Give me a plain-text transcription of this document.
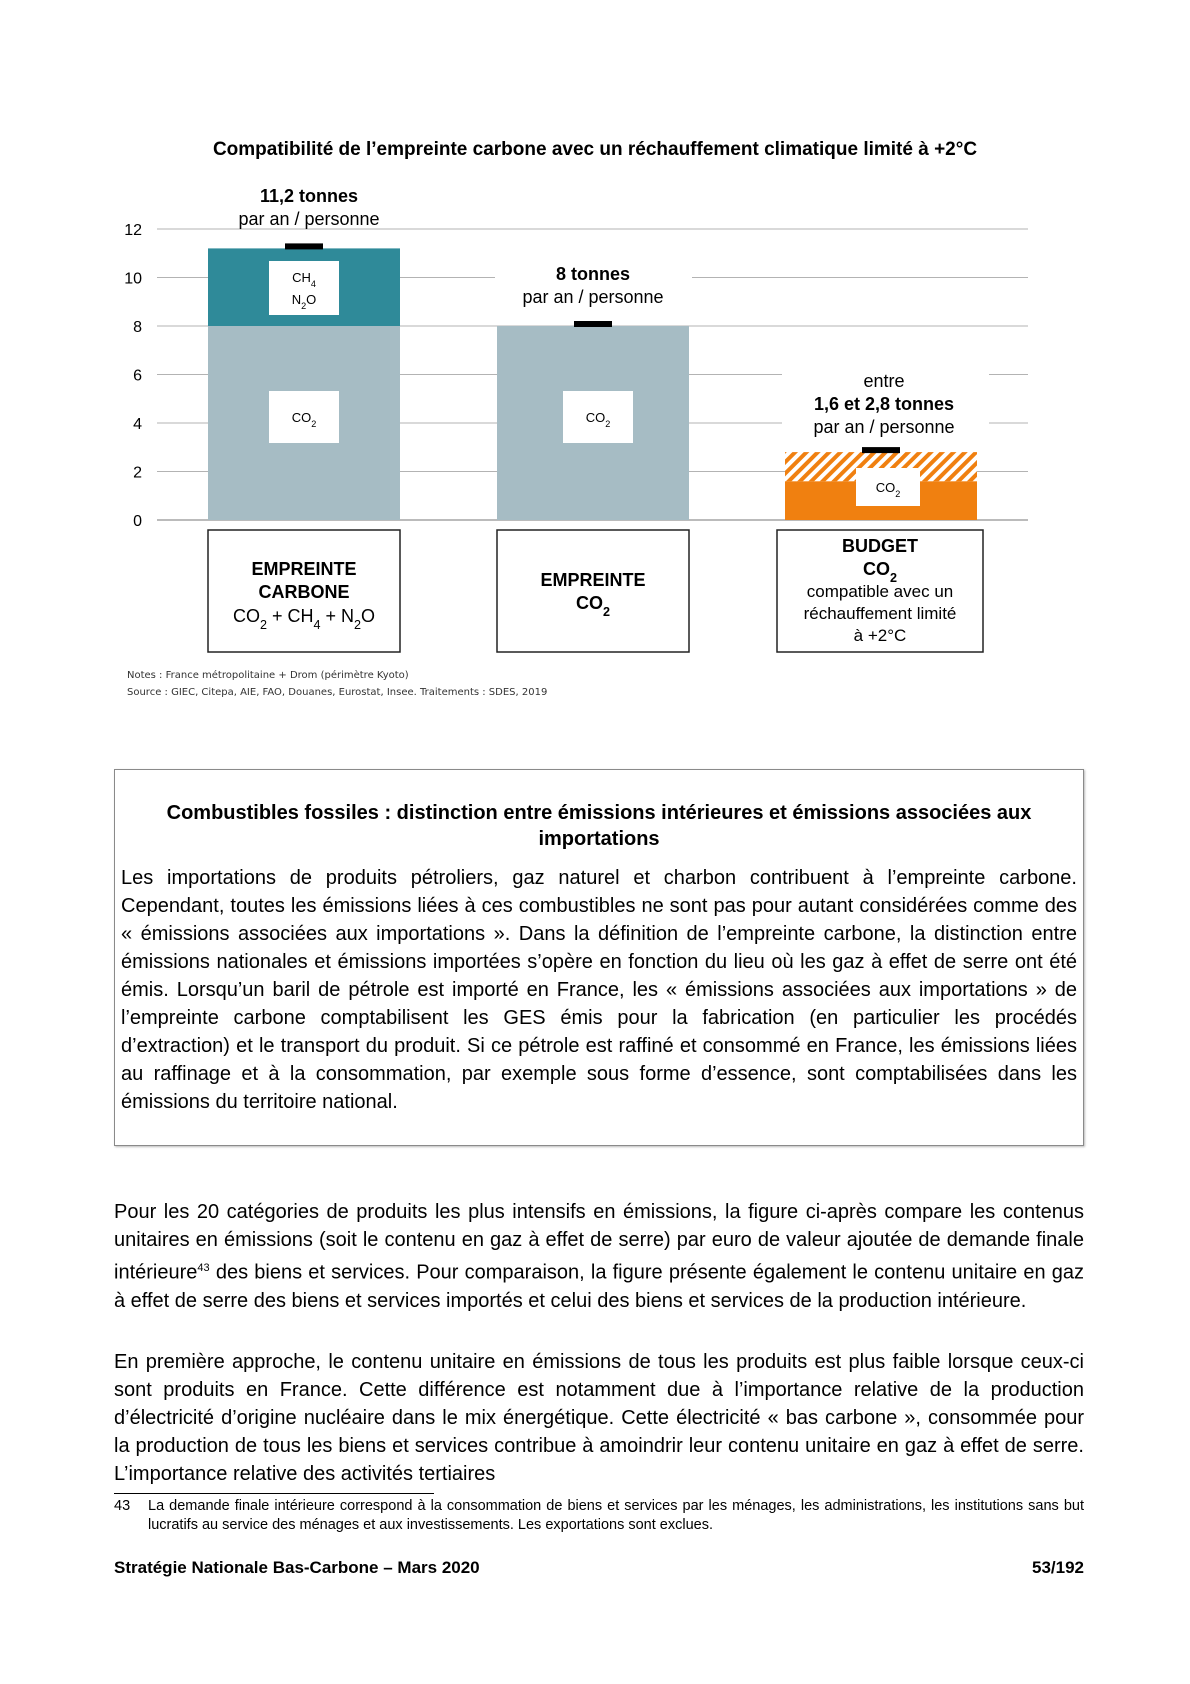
Compatibilité de l’empreinte carbone avec un réchauffement climatique limité à +2°C
0
2
4
6
8
10
12
$CH_4$
$N_2O$
$CO_2$	$CO_2$
$CO_2$
11,2 tonnes
par an / personne
8 tonnes
par an / personne
entre
1,6 et 2,8 tonnes
par an / personne
EMPREINTE
CARBONE
$CO_2 + CH_4 + N_2O$
EMPREINTE
$CO_2$
BUDGET
$CO_2$
compatible avec un
réchauffement limité
à +2°C
Notes : France métropolitaine + Drom (périmètre Kyoto)
Source : GIEC, Citepa, AIE, FAO, Douanes, Eurostat, Insee. Traitements : SDES, 2019
Combustibles fossiles : distinction entre émissions intérieures et émissions associées aux importations
Les importations de produits pétroliers, gaz naturel et charbon contribuent à l’empreinte carbone. Cependant, toutes les émissions liées à ces combustibles ne sont pas pour autant considérées comme des « émissions associées aux importations ». Dans la définition de l’empreinte carbone, la distinction entre émissions nationales et émissions importées s’opère en fonction du lieu où les gaz à effet de serre ont été émis. Lorsqu’un baril de pétrole est importé en France, les « émissions associées aux importations » de l’empreinte carbone comptabilisent les GES émis pour la fabrication (en particulier les procédés d’extraction) et le transport du produit. Si ce pétrole est raffiné et consommé en France, les émissions liées au raffinage et à la consommation, par exemple sous forme d’essence, sont comptabilisées dans les émissions du territoire national.
Pour les 20 catégories de produits les plus intensifs en émissions, la figure ci-après compare les contenus unitaires en émissions (soit le contenu en gaz à effet de serre) par euro de valeur ajoutée de demande finale intérieure$^{43}$ des biens et services. Pour comparaison, la figure présente également le contenu unitaire en gaz à effet de serre des biens et services importés et celui des biens et services de la production intérieure.
En première approche, le contenu unitaire en émissions de tous les produits est plus faible lorsque ceux-ci sont produits en France. Cette différence est notamment due à l’importance relative de la production d’électricité d’origine nucléaire dans le mix énergétique. Cette électricité « bas carbone », consommée pour la production de tous les biens et services contribue à amoindrir leur contenu unitaire en gaz à effet de serre. L’importance relative des activités tertiaires
43 La demande finale intérieure correspond à la consommation de biens et services par les ménages, les administrations, les institutions sans but lucratifs au service des ménages et aux investissements. Les exportations sont exclues.
Stratégie Nationale Bas-Carbone – Mars 2020	53/192
